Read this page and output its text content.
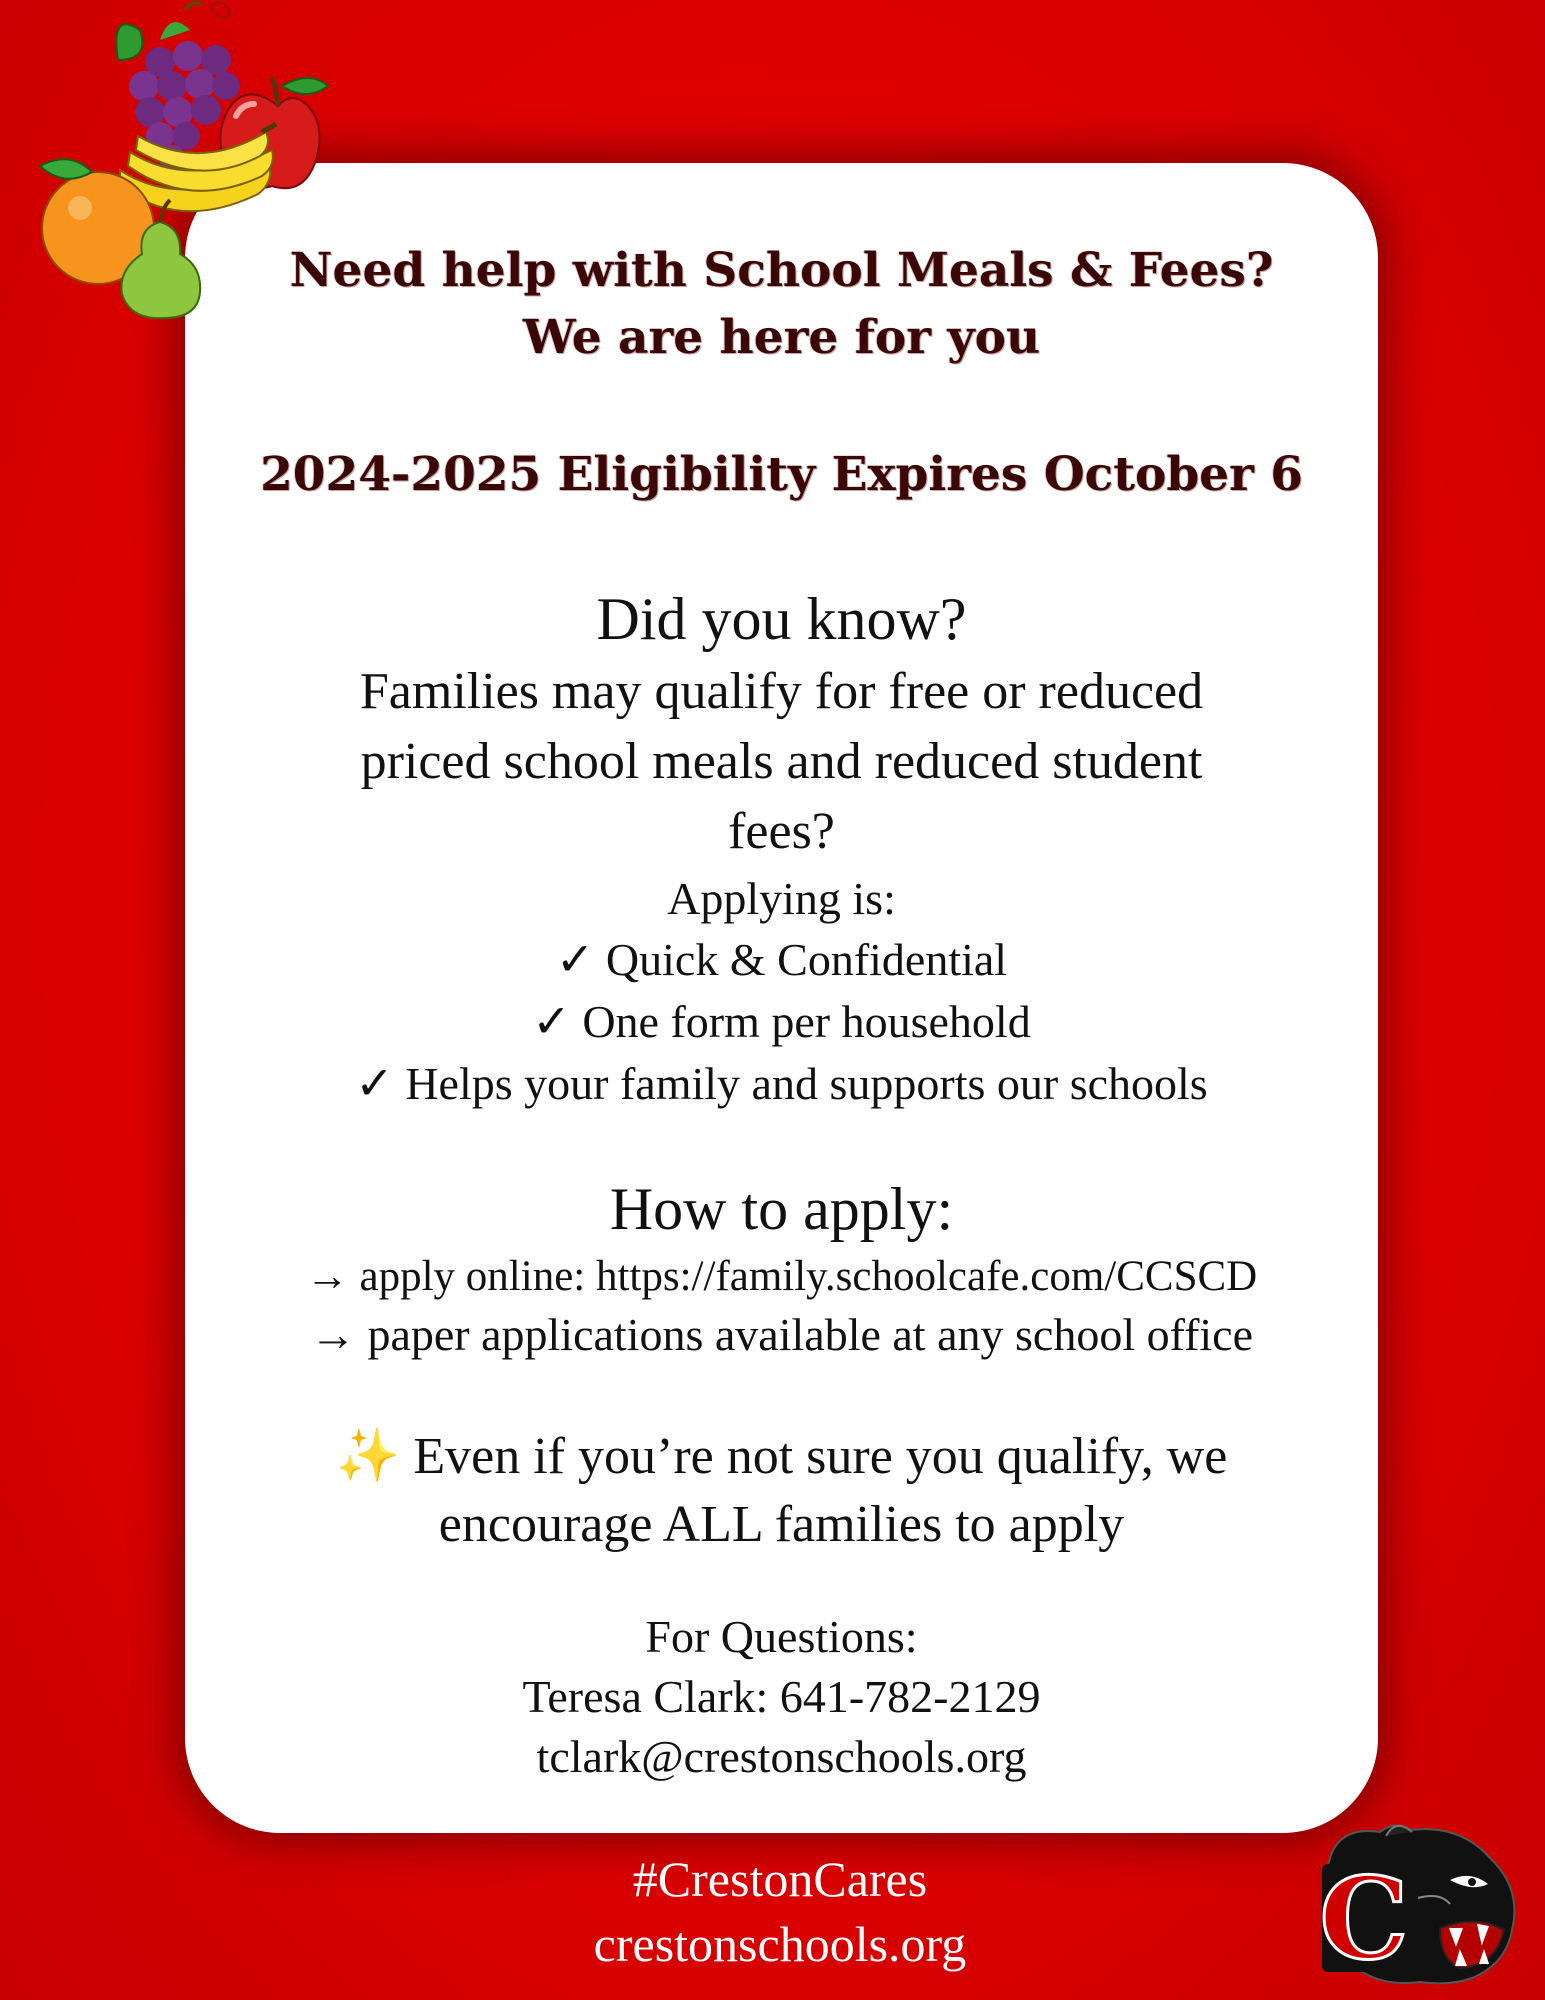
Need help with School Meals & Fees?

We are here for you

2024-2025 Eligibility Expires October 6

Did you know?

Families may qualify for free or reduced

priced school meals and reduced student

fees?

Applying is:

✓ Quick & Confidential

✓ One form per household

✓ Helps your family and supports our schools

How to apply:

→ apply online: https://family.schoolcafe.com/CCSCD

→ paper applications available at any school office

✨ Even if you’re not sure you qualify, we

encourage ALL families to apply

For Questions:

Teresa Clark: 641-782-2129

tclark@crestonschools.org

#CrestonCares

crestonschools.org	C
